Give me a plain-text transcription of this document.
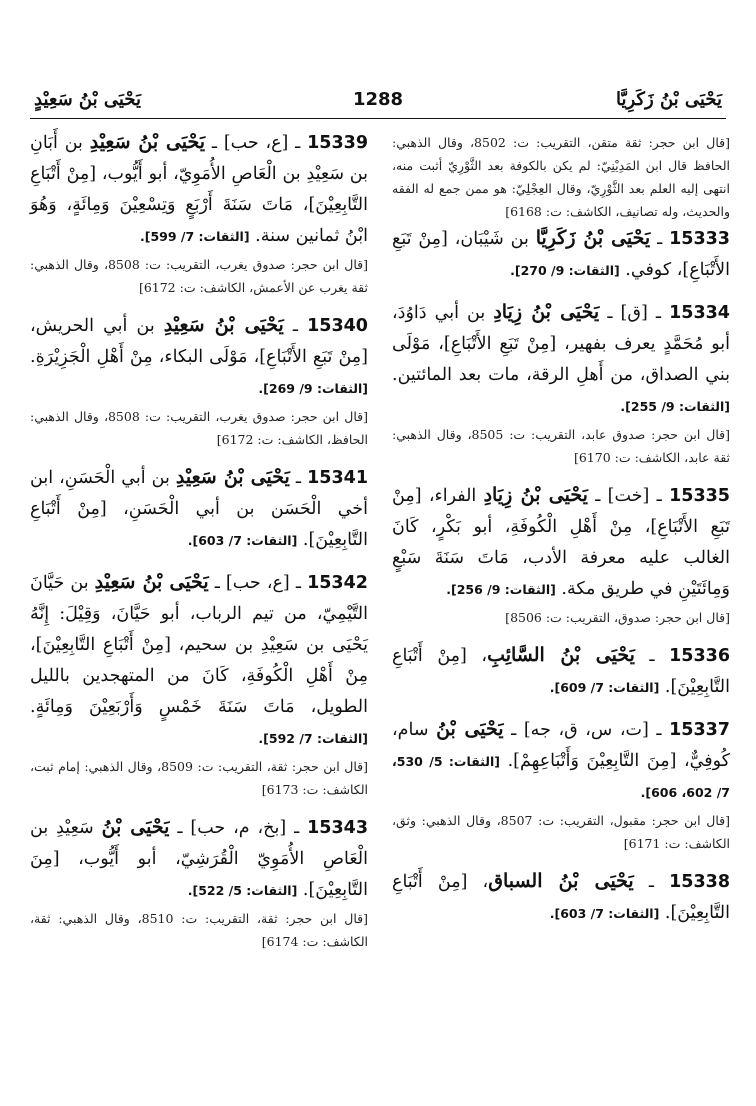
يَحْيَى بْنُ زَكَرِيَّا
1288
يَحْيَى بْنُ سَعِيْدٍ
[قال ابن حجر: ثقة متقن، التقريب: ت: 8502، وقال الذهبي: الحافظ قال ابن المَدِيْنِيّ: لم يكن بالكوفة بعد الثَّوْرِيّ أثبت منه، انتهى إليه العلم بعد الثَّوْرِيّ، وقال العِجْلِيّ: هو ممن جمع له الفقه والحديث، وله تصانيف، الكاشف: ت: 6168]
15333 ـ يَحْيَى بْنُ زَكَرِيَّا بن شَيْبَان، [مِنْ تَبَعِ الأَتْبَاعِ]، كوفي. [الثقات: 9/ 270].
15334 ـ [ق] ـ يَحْيَى بْنُ زِيَادِ بن أبي دَاوُدَ، أبو مُحَمَّدٍ يعرف بفهير، [مِنْ تَبَعِ الأَتْبَاعِ]، مَوْلَى بني الصداق، من أَهلِ الرقة، مات بعد المائتين. [الثقات: 9/ 255].
[قال ابن حجر: صدوق عابد، التقريب: ت: 8505، وقال الذهبي: ثقة عابد، الكاشف: ت: 6170]
15335 ـ [خت] ـ يَحْيَى بْنُ زِيَادِ الفراء، [مِنْ تَبَعِ الأَتْبَاعِ]، مِنْ أَهْلِ الْكُوفَةِ، أبو بَكْرٍ، كَانَ الغالب عليه معرفة الأدب، مَاتَ سَنَةَ سَبْعٍ وَمِائَتَيْنِ في طريق مكة. [الثقات: 9/ 256].
[قال ابن حجر: صدوق، التقريب: ت: 8506]
15336 ـ يَحْيَى بْنُ السَّائِبِ، [مِنْ أَتْبَاعِ التَّابِعِيْنَ]. [الثقات: 7/ 609].
15337 ـ [ت، س، ق، جه] ـ يَحْيَى بْنُ سام، كُوفِيٌّ، [مِنَ التَّابِعِيْنَ وَأَتْبَاعِهِمْ]. [الثقات: 5/ 530، 7/ 602، 606].
[قال ابن حجر: مقبول، التقريب: ت: 8507، وقال الذهبي: وثق، الكاشف: ت: 6171]
15338 ـ يَحْيَى بْنُ السباق، [مِنْ أَتْبَاعِ التَّابِعِيْنَ]. [الثقات: 7/ 603].
15339 ـ [ع، حب] ـ يَحْيَى بْنُ سَعِيْدِ بن أَبَانِ بن سَعِيْدِ بن الْعَاصِ الأُمَوِيّ، أبو أَيُّوب، [مِنْ أَتْبَاعِ التَّابِعِيْنَ]، مَاتَ سَنَةَ أَرْبَعٍ وَتِسْعِيْنَ وَمِائَةٍ، وَهُوَ ابْنُ ثمانين سنة. [الثقات: 7/ 599].
[قال ابن حجر: صدوق يغرب، التقريب: ت: 8508، وقال الذهبي: ثقة يغرب عن الأعمش، الكاشف: ت: 6172]
15340 ـ يَحْيَى بْنُ سَعِيْدِ بن أبي الحريش، [مِنْ تَبَعِ الأَتْبَاعِ]، مَوْلَى البكاء، مِنْ أَهْلِ الْجَزِيْرَةِ. [الثقات: 9/ 269].
[قال ابن حجر: صدوق يغرب، التقريب: ت: 8508، وقال الذهبي: الحافظ، الكاشف: ت: 6172]
15341 ـ يَحْيَى بْنُ سَعِيْدِ بن أبي الْحَسَنِ، ابن أخي الْحَسَن بن أبي الْحَسَنِ، [مِنْ أَتْبَاعِ التَّابِعِيْنَ]. [الثقات: 7/ 603].
15342 ـ [ع، حب] ـ يَحْيَى بْنُ سَعِيْدِ بن حَيَّانَ التَّيْمِيّ، من تيم الرباب، أبو حَيَّانَ، وَقِيْلَ: إِنَّهُ يَحْيَى بن سَعِيْدِ بن سحيم، [مِنْ أَتْبَاعِ التَّابِعِيْنَ]، مِنْ أَهْلِ الْكُوفَةِ، كَانَ من المتهجدين بالليل الطويل، مَاتَ سَنَةَ خَمْسٍ وَأَرْبَعِيْنَ وَمِائَةٍ. [الثقات: 7/ 592].
[قال ابن حجر: ثقة، التقريب: ت: 8509، وقال الذهبي: إمام ثبت، الكاشف: ت: 6173]
15343 ـ [بخ، م، حب] ـ يَحْيَى بْنُ سَعِيْدِ بن الْعَاصِ الأُمَوِيّ الْقُرَشِيّ، أبو أَيُّوب، [مِنَ التَّابِعِيْنَ]. [الثقات: 5/ 522].
[قال ابن حجر: ثقة، التقريب: ت: 8510، وقال الذهبي: ثقة، الكاشف: ت: 6174]
